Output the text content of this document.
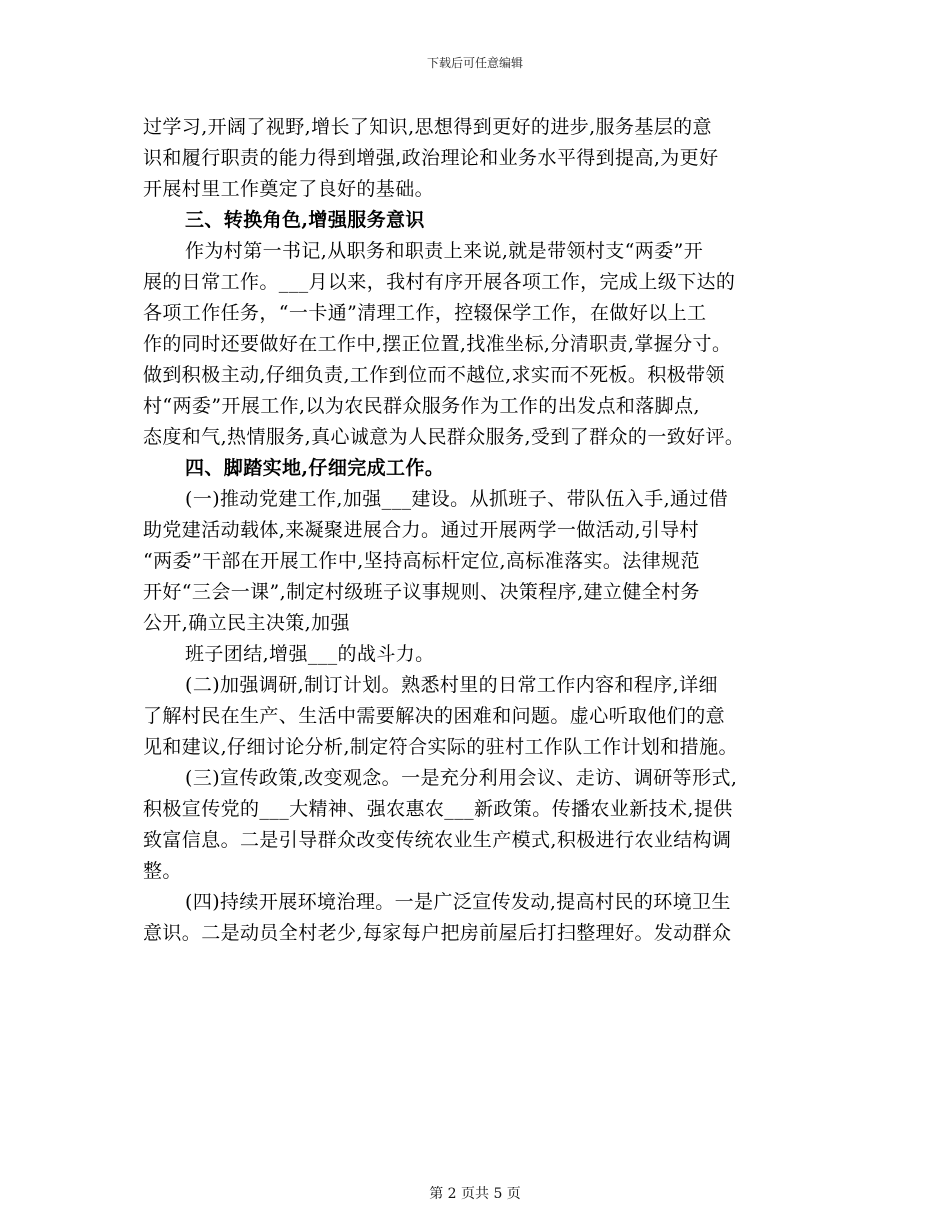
下载后可任意编辑
过学习,开阔了视野,增长了知识,思想得到更好的进步,服务基层的意
识和履行职责的能力得到增强,政治理论和业务水平得到提高,为更好
开展村里工作奠定了良好的基础。
三、转换角色,增强服务意识
作为村第一书记,从职务和职责上来说,就是带领村支“两委”开
展的日常工作。___月以来，我村有序开展各项工作，完成上级下达的
各项工作任务，“一卡通”清理工作，控辍保学工作，在做好以上工
作的同时还要做好在工作中,摆正位置,找准坐标,分清职责,掌握分寸。
做到积极主动,仔细负责,工作到位而不越位,求实而不死板。积极带领
村“两委”开展工作,以为农民群众服务作为工作的出发点和落脚点,
态度和气,热情服务,真心诚意为人民群众服务,受到了群众的一致好评。
四、脚踏实地,仔细完成工作。
(一)推动党建工作,加强___建设。从抓班子、带队伍入手,通过借
助党建活动载体,来凝聚进展合力。通过开展两学一做活动,引导村
“两委”干部在开展工作中,坚持高标杆定位,高标准落实。法律规范
开好“三会一课”,制定村级班子议事规则、决策程序,建立健全村务
公开,确立民主决策,加强
班子团结,增强___的战斗力。
(二)加强调研,制订计划。熟悉村里的日常工作内容和程序,详细
了解村民在生产、生活中需要解决的困难和问题。虚心听取他们的意
见和建议,仔细讨论分析,制定符合实际的驻村工作队工作计划和措施。
(三)宣传政策,改变观念。一是充分利用会议、走访、调研等形式,
积极宣传党的___大精神、强农惠农___新政策。传播农业新技术,提供
致富信息。二是引导群众改变传统农业生产模式,积极进行农业结构调
整。
(四)持续开展环境治理。一是广泛宣传发动,提高村民的环境卫生
意识。二是动员全村老少,每家每户把房前屋后打扫整理好。发动群众
第 2 页共 5 页
